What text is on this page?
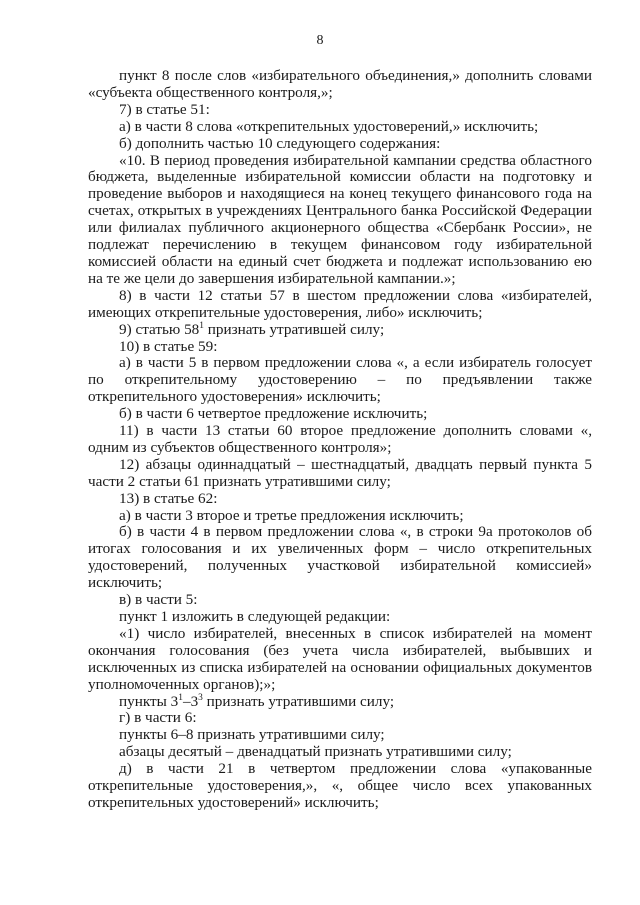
8

пункт 8 после слов «избирательного объединения,» дополнить словами «субъекта общественного контроля,»;

7) в статье 51:

а) в части 8 слова «открепительных удостоверений,» исключить;

б) дополнить частью 10 следующего содержания:

«10. В период проведения избирательной кампании средства областного бюджета, выделенные избирательной комиссии области на подготовку и проведение выборов и находящиеся на конец текущего финансового года на счетах, открытых в учреждениях Центрального банка Российской Федерации или филиалах публичного акционерного общества «Сбербанк России», не подлежат перечислению в текущем финансовом году избирательной комиссией области на единый счет бюджета и подлежат использованию ею на те же цели до завершения избирательной кампании.»;

8) в части 12 статьи 57 в шестом предложении слова «избирателей, имеющих открепительные удостоверения, либо» исключить;

9) статью $58^1$ признать утратившей силу;

10) в статье 59:

а) в части 5 в первом предложении слова «, а если избиратель голосует по открепительному удостоверению – по предъявлении также открепительного удостоверения» исключить;

б) в части 6 четвертое предложение исключить;

11) в части 13 статьи 60 второе предложение дополнить словами «, одним из субъектов общественного контроля»;

12) абзацы одиннадцатый – шестнадцатый, двадцать первый пункта 5 части 2 статьи 61 признать утратившими силу;

13) в статье 62:

а) в части 3 второе и третье предложения исключить;

б) в части 4 в первом предложении слова «, в строки 9а протоколов об итогах голосования и их увеличенных форм – число открепительных удостоверений, полученных участковой избирательной комиссией» исключить;

в) в части 5:

пункт 1 изложить в следующей редакции:

«1) число избирателей, внесенных в список избирателей на момент окончания голосования (без учета числа избирателей, выбывших и исключенных из списка избирателей на основании официальных документов уполномоченных органов);»;

пункты $3^1-3^3$ признать утратившими силу;

г) в части 6:

пункты 6–8 признать утратившими силу;

абзацы десятый – двенадцатый признать утратившими силу;

д) в части 21 в четвертом предложении слова «упакованные открепительные удостоверения,», «, общее число всех упакованных открепительных удостоверений» исключить;
